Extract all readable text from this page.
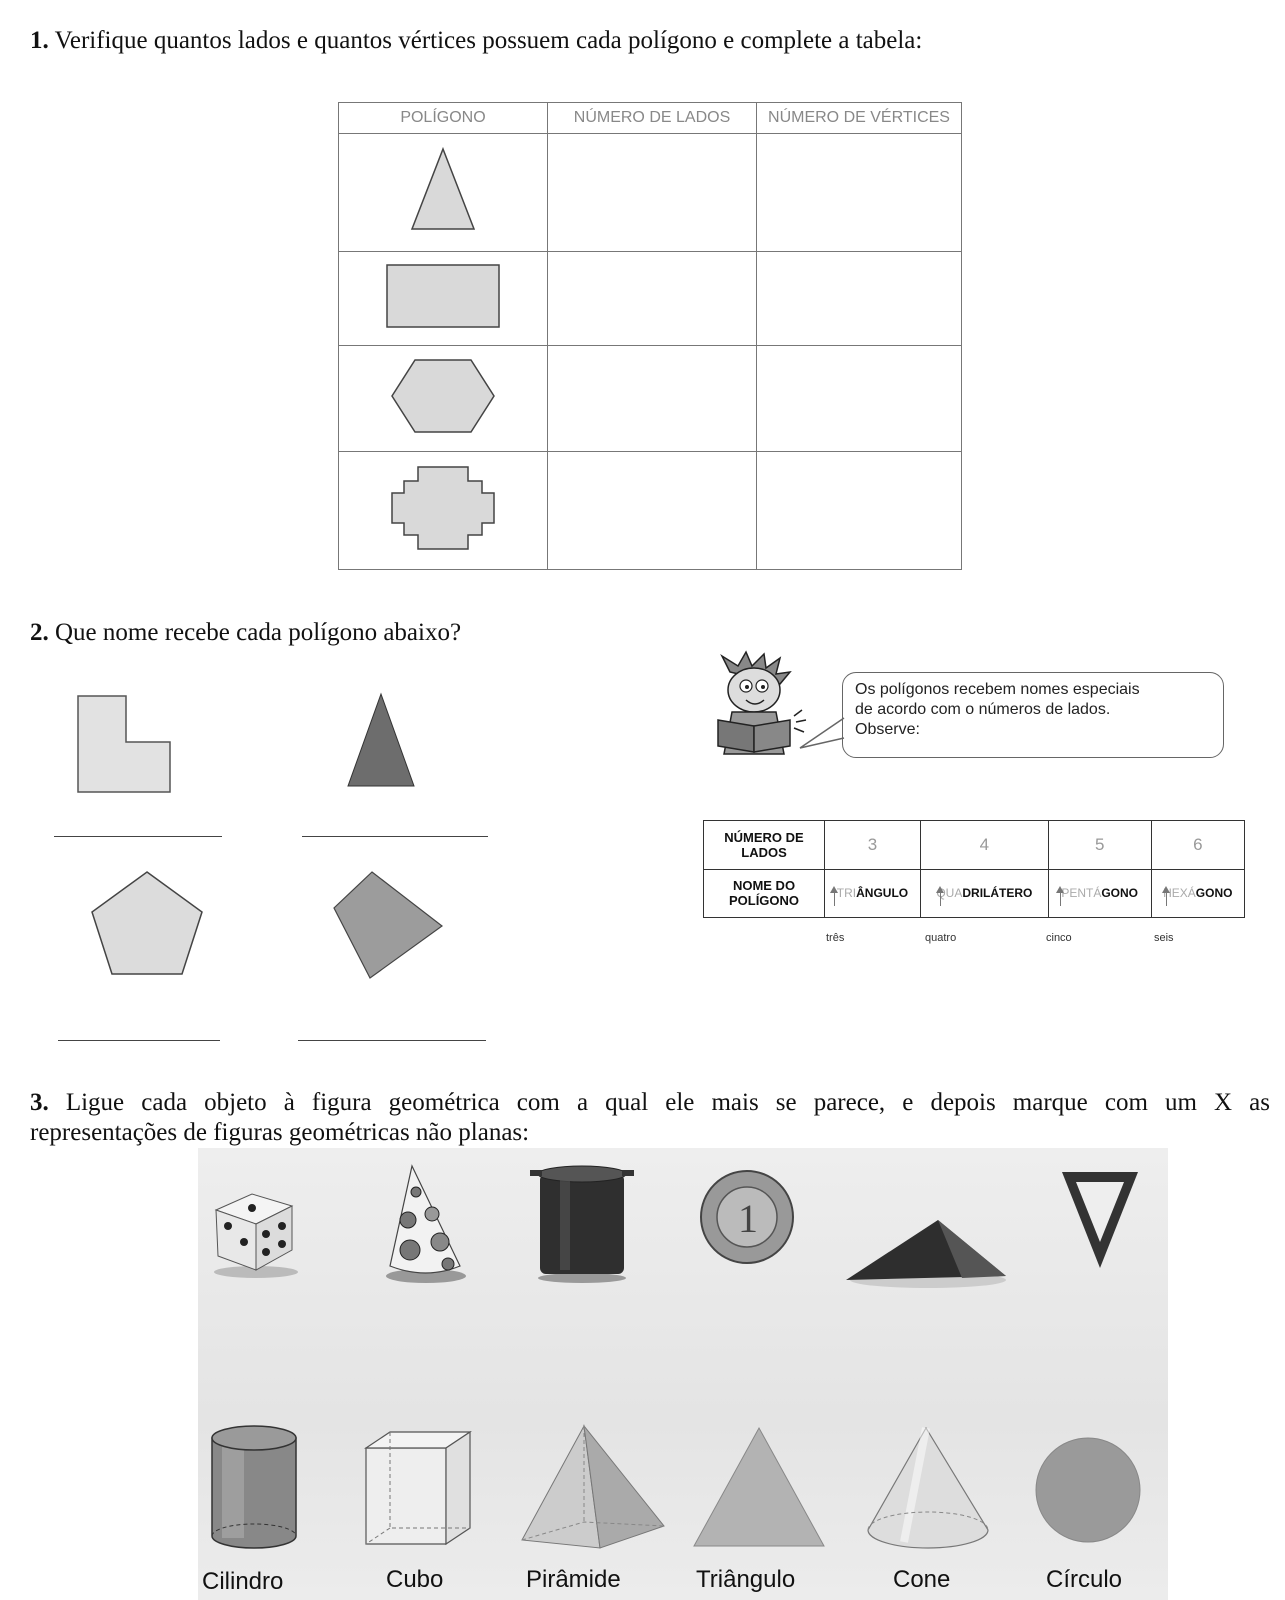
1. Verifique quantos lados e quantos vértices possuem cada polígono e complete a tabela:
POLÍGONO	NÚMERO DE LADOS	NÚMERO DE VÉRTICES

2. Que nome recebe cada polígono abaixo?
Os polígonos recebem nomes especiais
de acordo com o números de lados.
Observe:
NÚMERO DE
LADOS	3	4	5	6

NOME DO
POLÍGONO	TRIÂNGULO	QUADRILÁTERO	PENTÁGONO	HEXÁGONO
três	quatro	cinco	seis
3. Ligue cada objeto à figura geométrica com a qual ele mais se parece, e depois marque com um X as
representações de figuras geométricas não planas:
1
Cilindro	Cubo	Pirâmide	Triângulo	Cone	Círculo
